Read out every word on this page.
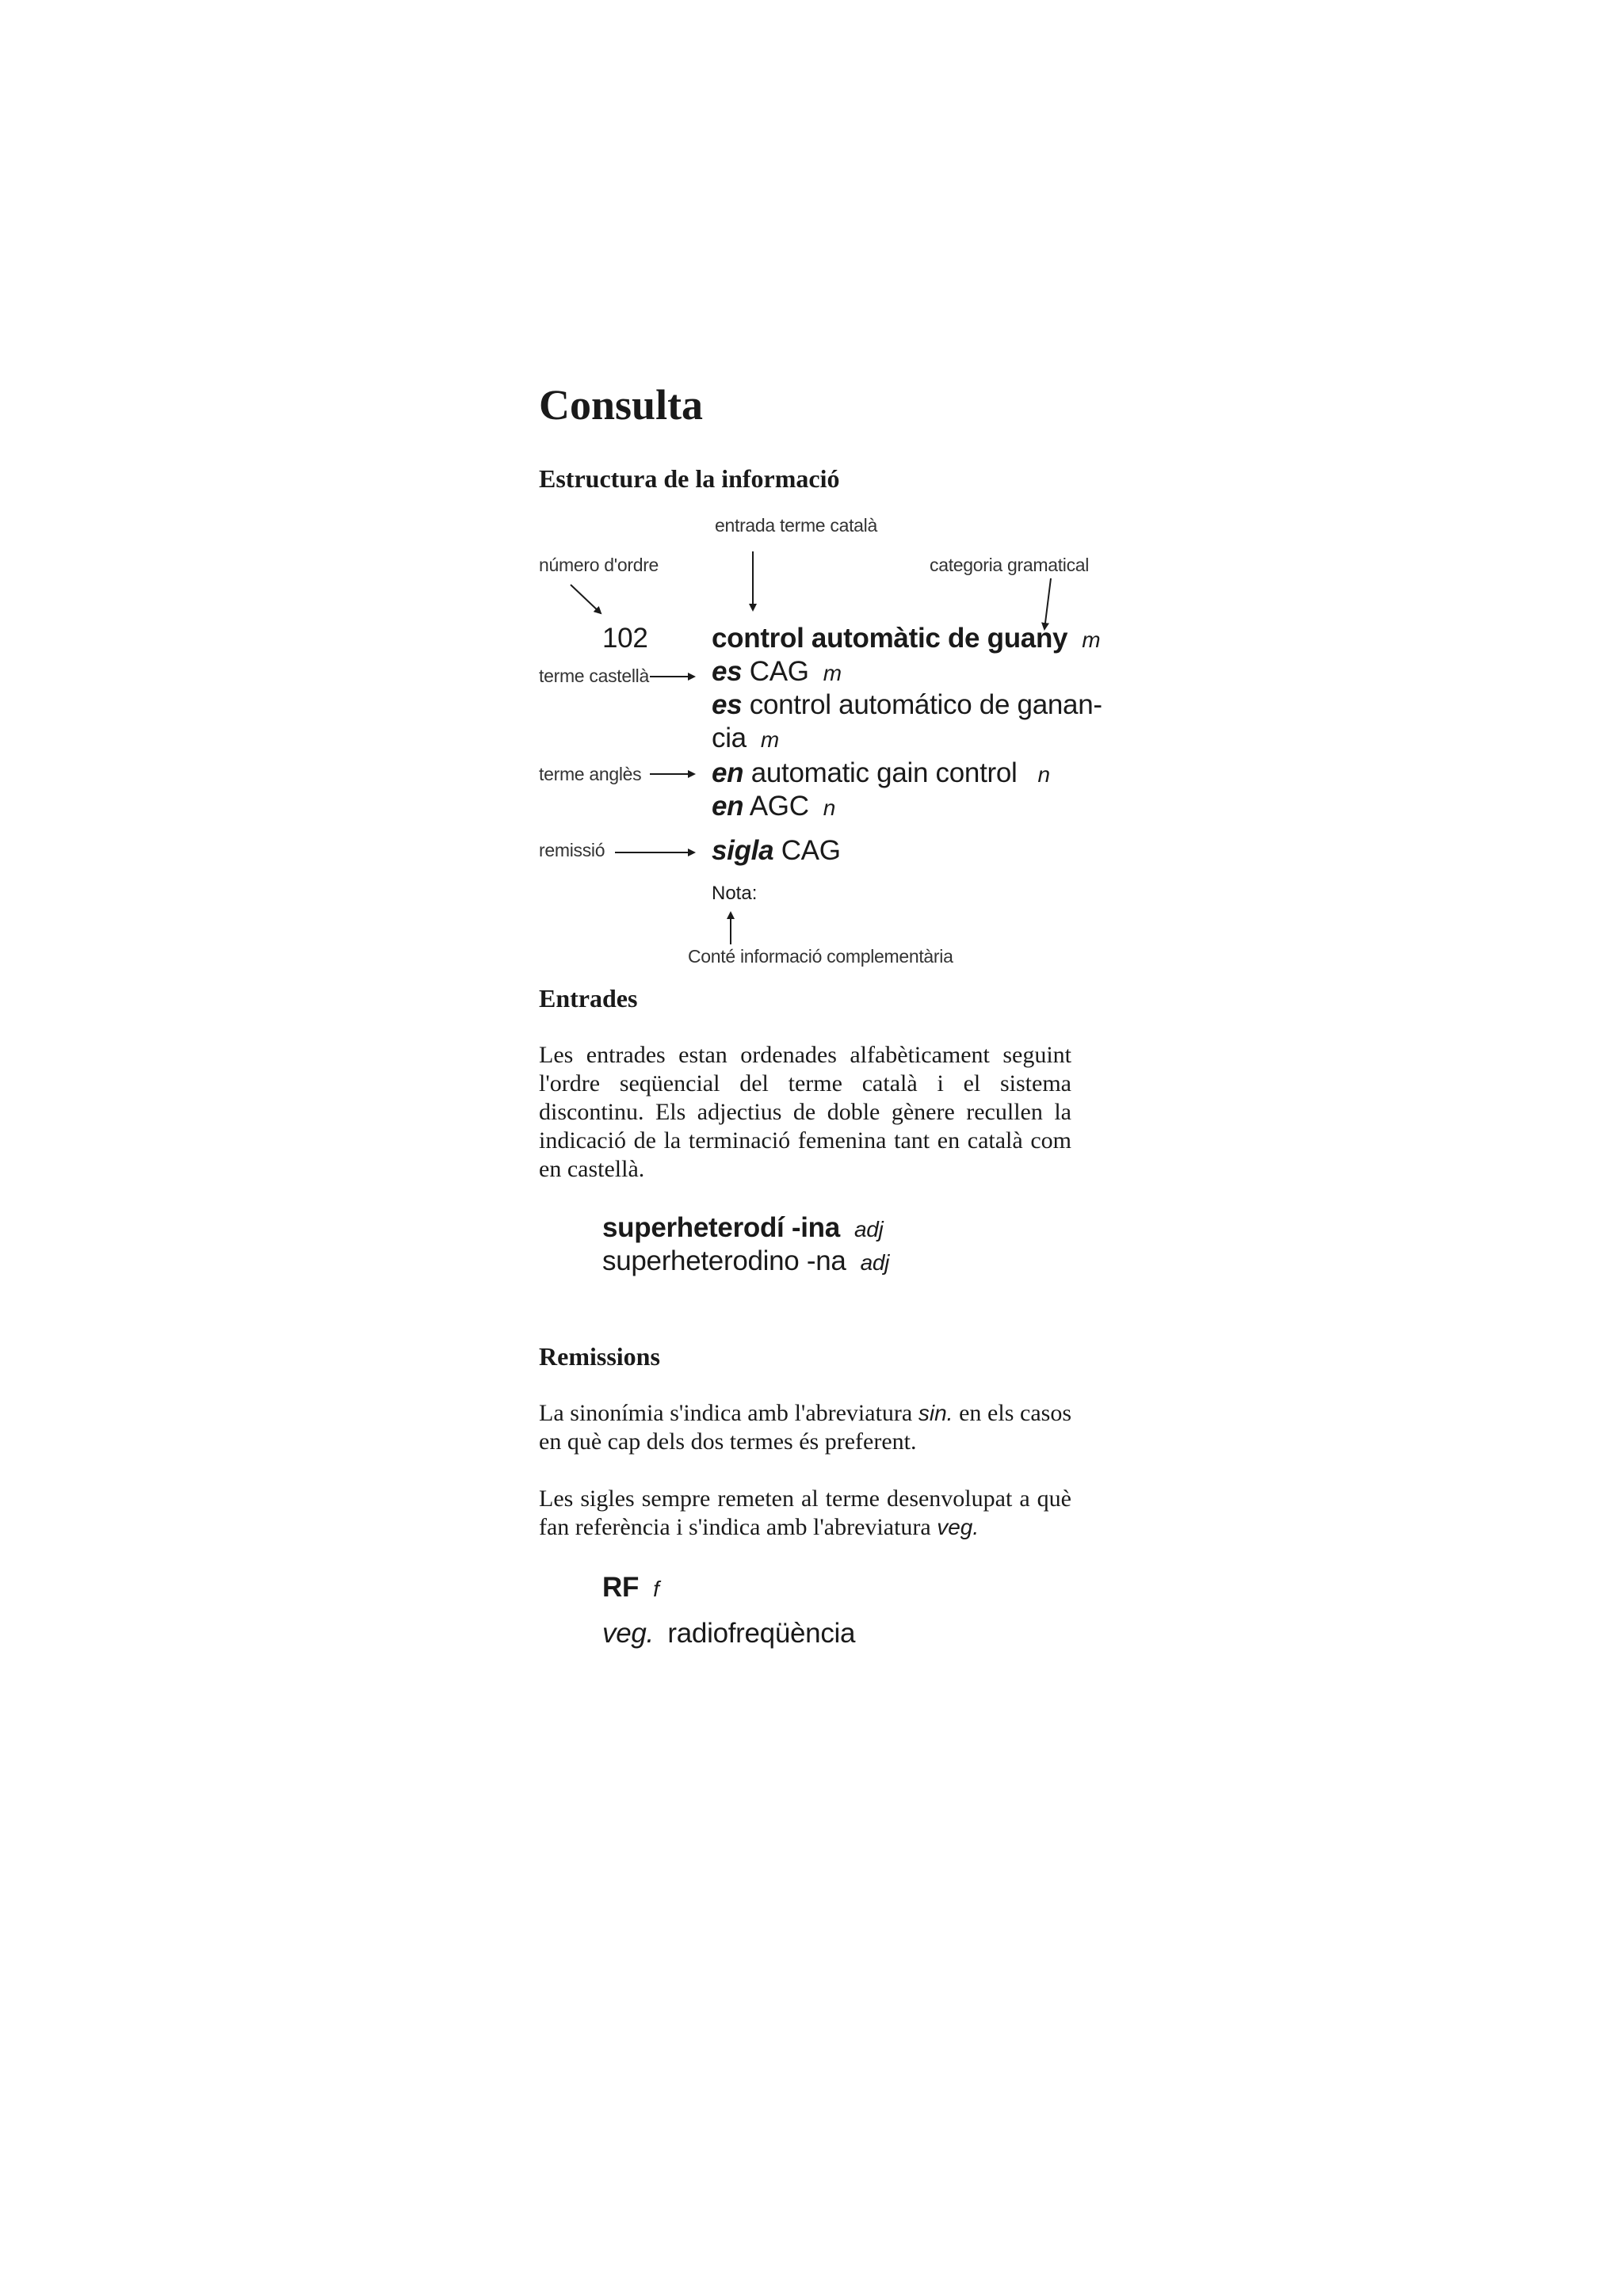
Consulta
Estructura de la informació
entrada terme català
número d'ordre	categoria gramatical
terme castellà
terme anglès
remissió
Conté informació complementària
102 control automàtic de guany m
es CAG m
es control automático de ganan-
cia m
en automatic gain control n
en AGC n
sigla CAG
Nota:
Entrades
Les entrades estan ordenades alfabèticament seguint l'ordre seqüencial del terme català i el sistema discontinu. Els adjectius de doble gènere recullen la indicació de la terminació femenina tant en català com en castellà.
superheterodí -ina adj
superheterodino -na adj
Remissions
La sinonímia s'indica amb l'abreviatura sin. en els casos en què cap dels dos termes és preferent.
Les sigles sempre remeten al terme desenvolupat a què fan referència i s'indica amb l'abreviatura veg.
RF f
veg. radiofreqüència
